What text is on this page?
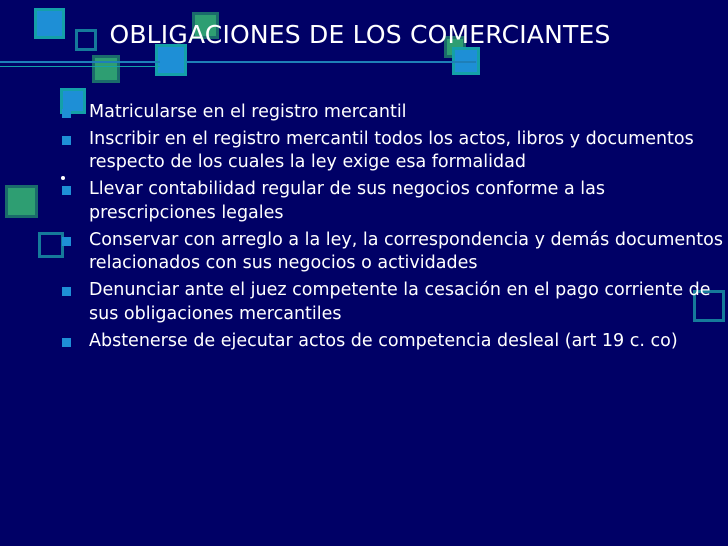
OBLIGACIONES DE LOS COMERCIANTES
Matricularse en el registro mercantil
Inscribir en el registro mercantil todos los actos, libros y documentos respecto de los cuales la ley exige esa formalidad
Llevar contabilidad regular de sus negocios conforme a las prescripciones legales
Conservar con arreglo a la ley, la correspondencia y demás documentos relacionados con sus negocios o actividades
Denunciar ante el juez competente la cesación en el pago corriente de sus obligaciones mercantiles
Abstenerse de ejecutar actos de competencia desleal (art 19 c. co)
